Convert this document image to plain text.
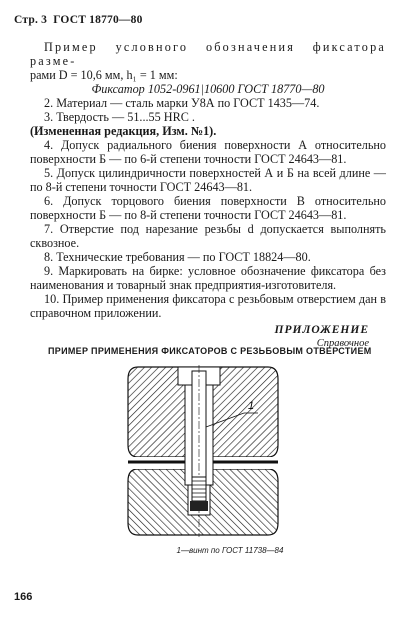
Стр. 3 ГОСТ 18770—80

Пример условного обозначения фиксатора разме-

рами D = 10,6 мм, h₁ = 1 мм:

Фиксатор 1052-0961|10600 ГОСТ 18770—80

2. Материал — сталь марки У8А по ГОСТ 1435—74.

3. Твердость — 51...55 HRC .

(Измененная редакция, Изм. №1).

4. Допуск радиального биения поверхности А относительно поверхности Б — по 6-й степени точности ГОСТ 24643—81.

5. Допуск цилиндричности поверхностей А и Б на всей длине — по 8-й степени точности ГОСТ 24643—81.

6. Допуск торцового биения поверхности В относительно поверхности Б — по 8-й степени точности ГОСТ 24643—81.

7. Отверстие под нарезание резьбы d допускается выполнять сквозное.

8. Технические требования — по ГОСТ 18824—80.

9. Маркировать на бирке: условное обозначение фиксатора без наименования и товарный знак предприятия-изготовителя.

10. Пример применения фиксатора с резьбовым отверстием дан в справочном приложении.

ПРИЛОЖЕНИЕ
Справочное
ПРИМЕР ПРИМЕНЕНИЯ ФИКСАТОРОВ С РЕЗЬБОВЫМ ОТВЕРСТИЕМ
1
1—винт по ГОСТ 11738—84
166
